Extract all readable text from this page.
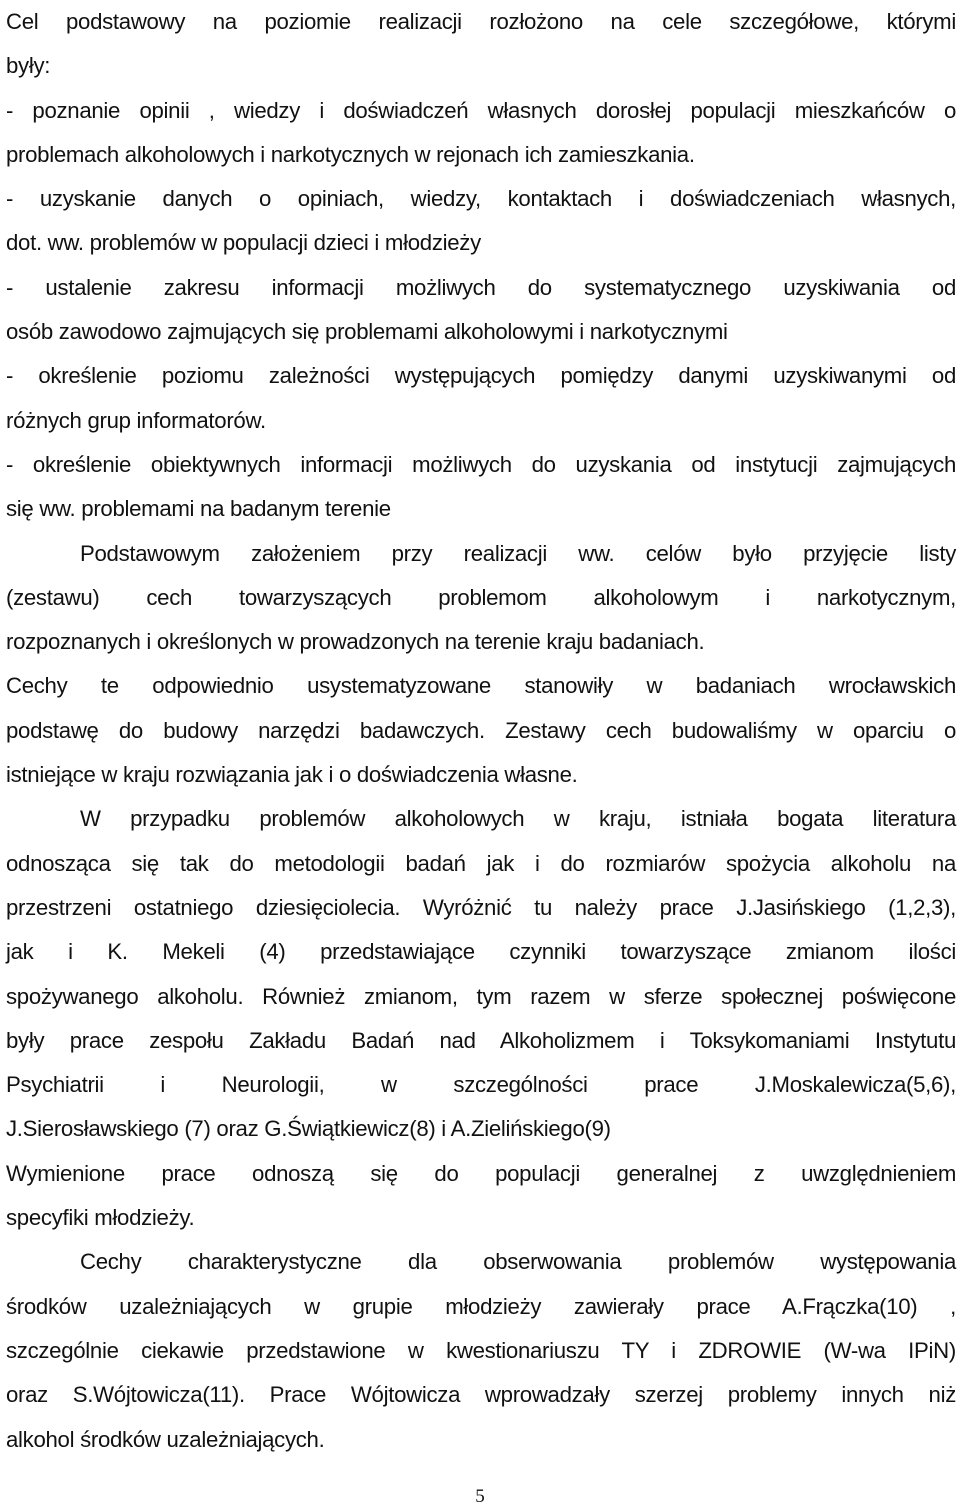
Cel podstawowy na poziomie realizacji rozłożono na cele szczegółowe, którymi
były:
- poznanie opinii , wiedzy i doświadczeń własnych dorosłej populacji mieszkańców o
problemach alkoholowych i narkotycznych w rejonach ich zamieszkania.
- uzyskanie danych o opiniach, wiedzy, kontaktach i doświadczeniach własnych,
dot. ww. problemów w populacji dzieci i młodzieży
- ustalenie zakresu informacji możliwych do systematycznego uzyskiwania od
osób zawodowo zajmujących się problemami alkoholowymi i narkotycznymi
- określenie poziomu zależności występujących pomiędzy danymi uzyskiwanymi od
różnych grup informatorów.
- określenie obiektywnych informacji możliwych do uzyskania od instytucji zajmujących
się ww. problemami na badanym terenie
Podstawowym założeniem przy realizacji ww. celów było przyjęcie listy
(zestawu) cech towarzyszących problemom alkoholowym i narkotycznym,
rozpoznanych i określonych w prowadzonych na terenie kraju badaniach.
Cechy te odpowiednio usystematyzowane stanowiły w badaniach wrocławskich
podstawę do budowy narzędzi badawczych. Zestawy cech budowaliśmy w oparciu o
istniejące w kraju rozwiązania jak i o doświadczenia własne.
W przypadku problemów alkoholowych w kraju, istniała bogata literatura
odnosząca się tak do metodologii badań jak i do rozmiarów spożycia alkoholu na
przestrzeni ostatniego dziesięciolecia. Wyróżnić tu należy prace J.Jasińskiego (1,2,3),
jak i K. Mekeli (4) przedstawiające czynniki towarzyszące zmianom ilości
spożywanego alkoholu. Również zmianom, tym razem w sferze społecznej poświęcone
były prace zespołu Zakładu Badań nad Alkoholizmem i Toksykomaniami Instytutu
Psychiatrii i Neurologii, w szczególności prace J.Moskalewicza(5,6),
J.Sierosławskiego (7) oraz G.Świątkiewicz(8) i A.Zielińskiego(9)
Wymienione prace odnoszą się do populacji generalnej z uwzględnieniem
specyfiki młodzieży.
Cechy charakterystyczne dla obserwowania problemów występowania
środków uzależniających w grupie młodzieży zawierały prace A.Frączka(10) ,
szczególnie ciekawie przedstawione w kwestionariuszu TY i ZDROWIE (W-wa IPiN)
oraz S.Wójtowicza(11). Prace Wójtowicza wprowadzały szerzej problemy innych niż
alkohol środków uzależniających.
5
